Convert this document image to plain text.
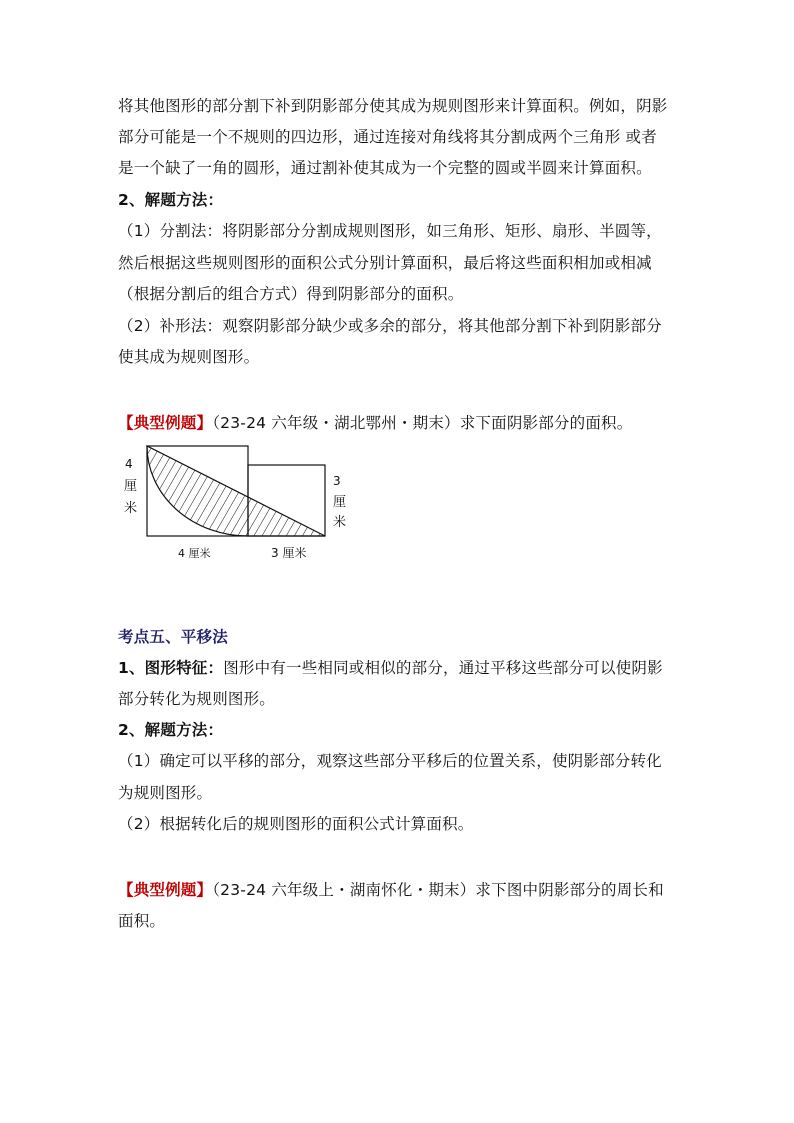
将其他图形的部分割下补到阴影部分使其成为规则图形来计算面积。例如，阴影
部分可能是一个不规则的四边形，通过连接对角线将其分割成两个三角形 或者
是一个缺了一角的圆形，通过割补使其成为一个完整的圆或半圆来计算面积。
2、解题方法：
（1）分割法：将阴影部分分割成规则图形，如三角形、矩形、扇形、半圆等，
然后根据这些规则图形的面积公式分别计算面积，最后将这些面积相加或相减
（根据分割后的组合方式）得到阴影部分的面积。
（2）补形法：观察阴影部分缺少或多余的部分，将其他部分割下补到阴影部分
使其成为规则图形。
【典型例题】（23-24 六年级・湖北鄂州・期末）求下面阴影部分的面积。
4
厘
米
3
厘
米
4 厘米	3 厘米
考点五、平移法
1、图形特征：图形中有一些相同或相似的部分，通过平移这些部分可以使阴影
部分转化为规则图形。
2、解题方法：
（1）确定可以平移的部分，观察这些部分平移后的位置关系，使阴影部分转化
为规则图形。
（2）根据转化后的规则图形的面积公式计算面积。
【典型例题】（23-24 六年级上・湖南怀化・期末）求下图中阴影部分的周长和
面积。
